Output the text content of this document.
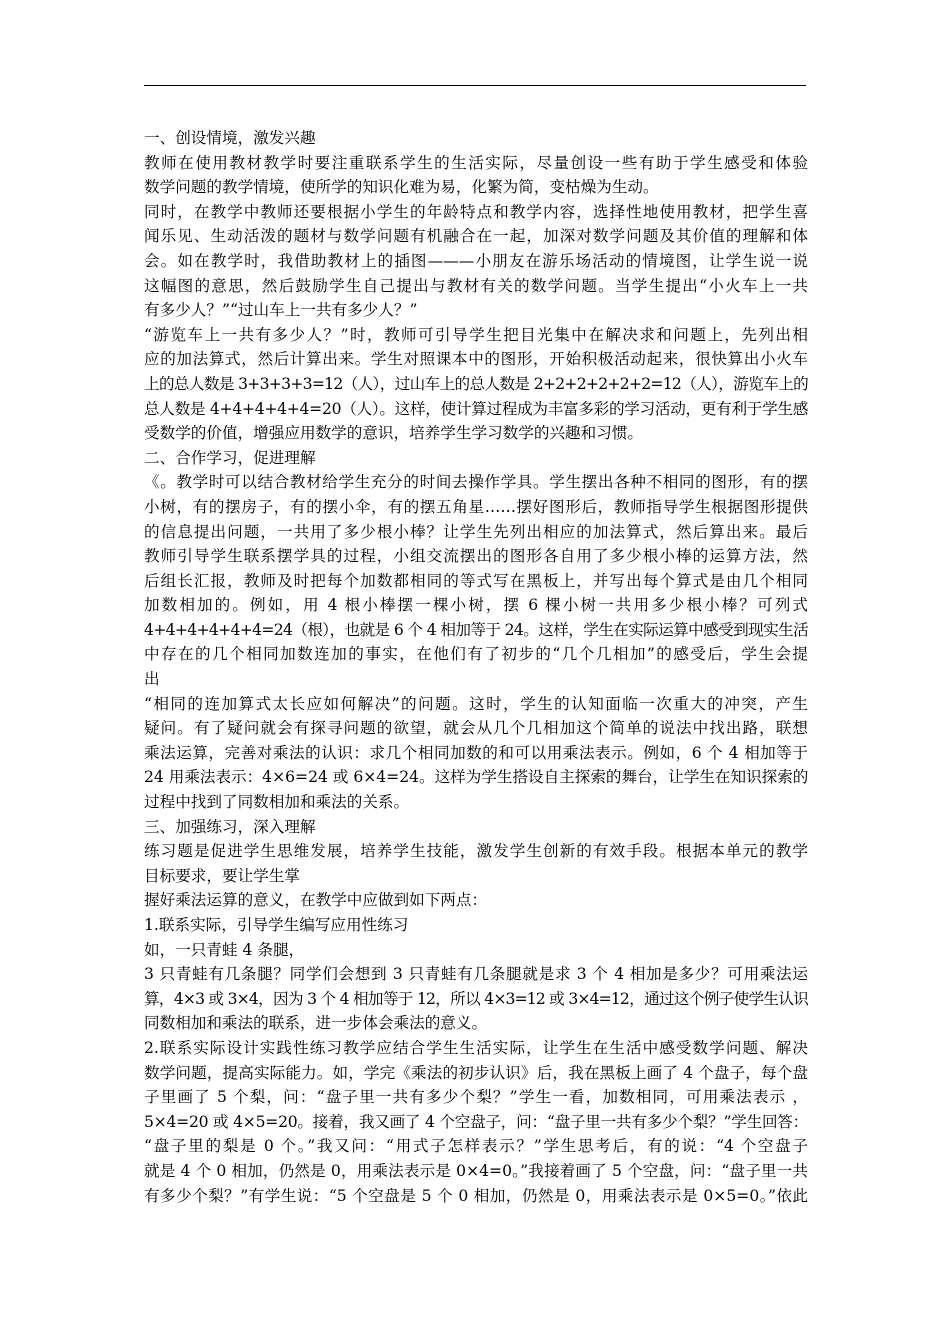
一、创设情境，激发兴趣
教师在使用教材教学时要注重联系学生的生活实际，尽量创设一些有助于学生感受和体验
数学问题的教学情境，使所学的知识化难为易，化繁为简，变枯燥为生动。
同时，在教学中教师还要根据小学生的年龄特点和教学内容，选择性地使用教材，把学生喜
闻乐见、生动活泼的题材与数学问题有机融合在一起，加深对数学问题及其价值的理解和体
会。如在教学时，我借助教材上的插图———小朋友在游乐场活动的情境图，让学生说一说
这幅图的意思，然后鼓励学生自己提出与教材有关的数学问题。当学生提出“小火车上一共
有多少人？”“过山车上一共有多少人？”
“游览车上一共有多少人？”时，教师可引导学生把目光集中在解决求和问题上，先列出相
应的加法算式，然后计算出来。学生对照课本中的图形，开始积极活动起来，很快算出小火车
上的总人数是 3+3+3+3=12（人），过山车上的总人数是 2+2+2+2+2+2=12（人），游览车上的
总人数是 4+4+4+4+4=20（人）。这样，使计算过程成为丰富多彩的学习活动，更有利于学生感
受数学的价值，增强应用数学的意识，培养学生学习数学的兴趣和习惯。
二、合作学习，促进理解
《。教学时可以结合教材给学生充分的时间去操作学具。学生摆出各种不相同的图形，有的摆
小树，有的摆房子，有的摆小伞，有的摆五角星……摆好图形后，教师指导学生根据图形提供
的信息提出问题，一共用了多少根小棒？让学生先列出相应的加法算式，然后算出来。最后
教师引导学生联系摆学具的过程，小组交流摆出的图形各自用了多少根小棒的运算方法，然
后组长汇报，教师及时把每个加数都相同的等式写在黑板上，并写出每个算式是由几个相同
加数相加的。例如，用 4 根小棒摆一棵小树，摆 6 棵小树一共用多少根小棒？可列式
4+4+4+4+4+4=24（根），也就是 6 个 4 相加等于 24。这样，学生在实际运算中感受到现实生活
中存在的几个相同加数连加的事实，在他们有了初步的“几个几相加”的感受后，学生会提
出
“相同的连加算式太长应如何解决”的问题。这时，学生的认知面临一次重大的冲突，产生
疑问。有了疑问就会有探寻问题的欲望，就会从几个几相加这个简单的说法中找出路，联想
乘法运算，完善对乘法的认识：求几个相同加数的和可以用乘法表示。例如，6 个 4 相加等于
24 用乘法表示：4×6=24 或 6×4=24。这样为学生搭设自主探索的舞台，让学生在知识探索的
过程中找到了同数相加和乘法的关系。
三、加强练习，深入理解
练习题是促进学生思维发展，培养学生技能，激发学生创新的有效手段。根据本单元的教学
目标要求，要让学生掌
握好乘法运算的意义，在教学中应做到如下两点：
1.联系实际，引导学生编写应用性练习
如，一只青蛙 4 条腿，
3 只青蛙有几条腿？同学们会想到 3 只青蛙有几条腿就是求 3 个 4 相加是多少？可用乘法运
算，4×3 或 3×4，因为 3 个 4 相加等于 12，所以 4×3=12 或 3×4=12，通过这个例子使学生认识
同数相加和乘法的联系，进一步体会乘法的意义。
2.联系实际设计实践性练习教学应结合学生生活实际，让学生在生活中感受数学问题、解决
数学问题，提高实际能力。如，学完《乘法的初步认识》后，我在黑板上画了 4 个盘子，每个盘
子里画了 5 个梨，问：“盘子里一共有多少个梨？”学生一看，加数相同，可用乘法表示 ，
5×4=20 或 4×5=20。接着，我又画了 4 个空盘子，问：“盘子里一共有多少个梨？”学生回答：
“盘子里的梨是 0 个。”我又问：“用式子怎样表示？”学生思考后，有的说：“4 个空盘子
就是 4 个 0 相加，仍然是 0，用乘法表示是 0×4=0。”我接着画了 5 个空盘，问：“盘子里一共
有多少个梨？”有学生说：“5 个空盘是 5 个 0 相加，仍然是 0，用乘法表示是 0×5=0。”依此
